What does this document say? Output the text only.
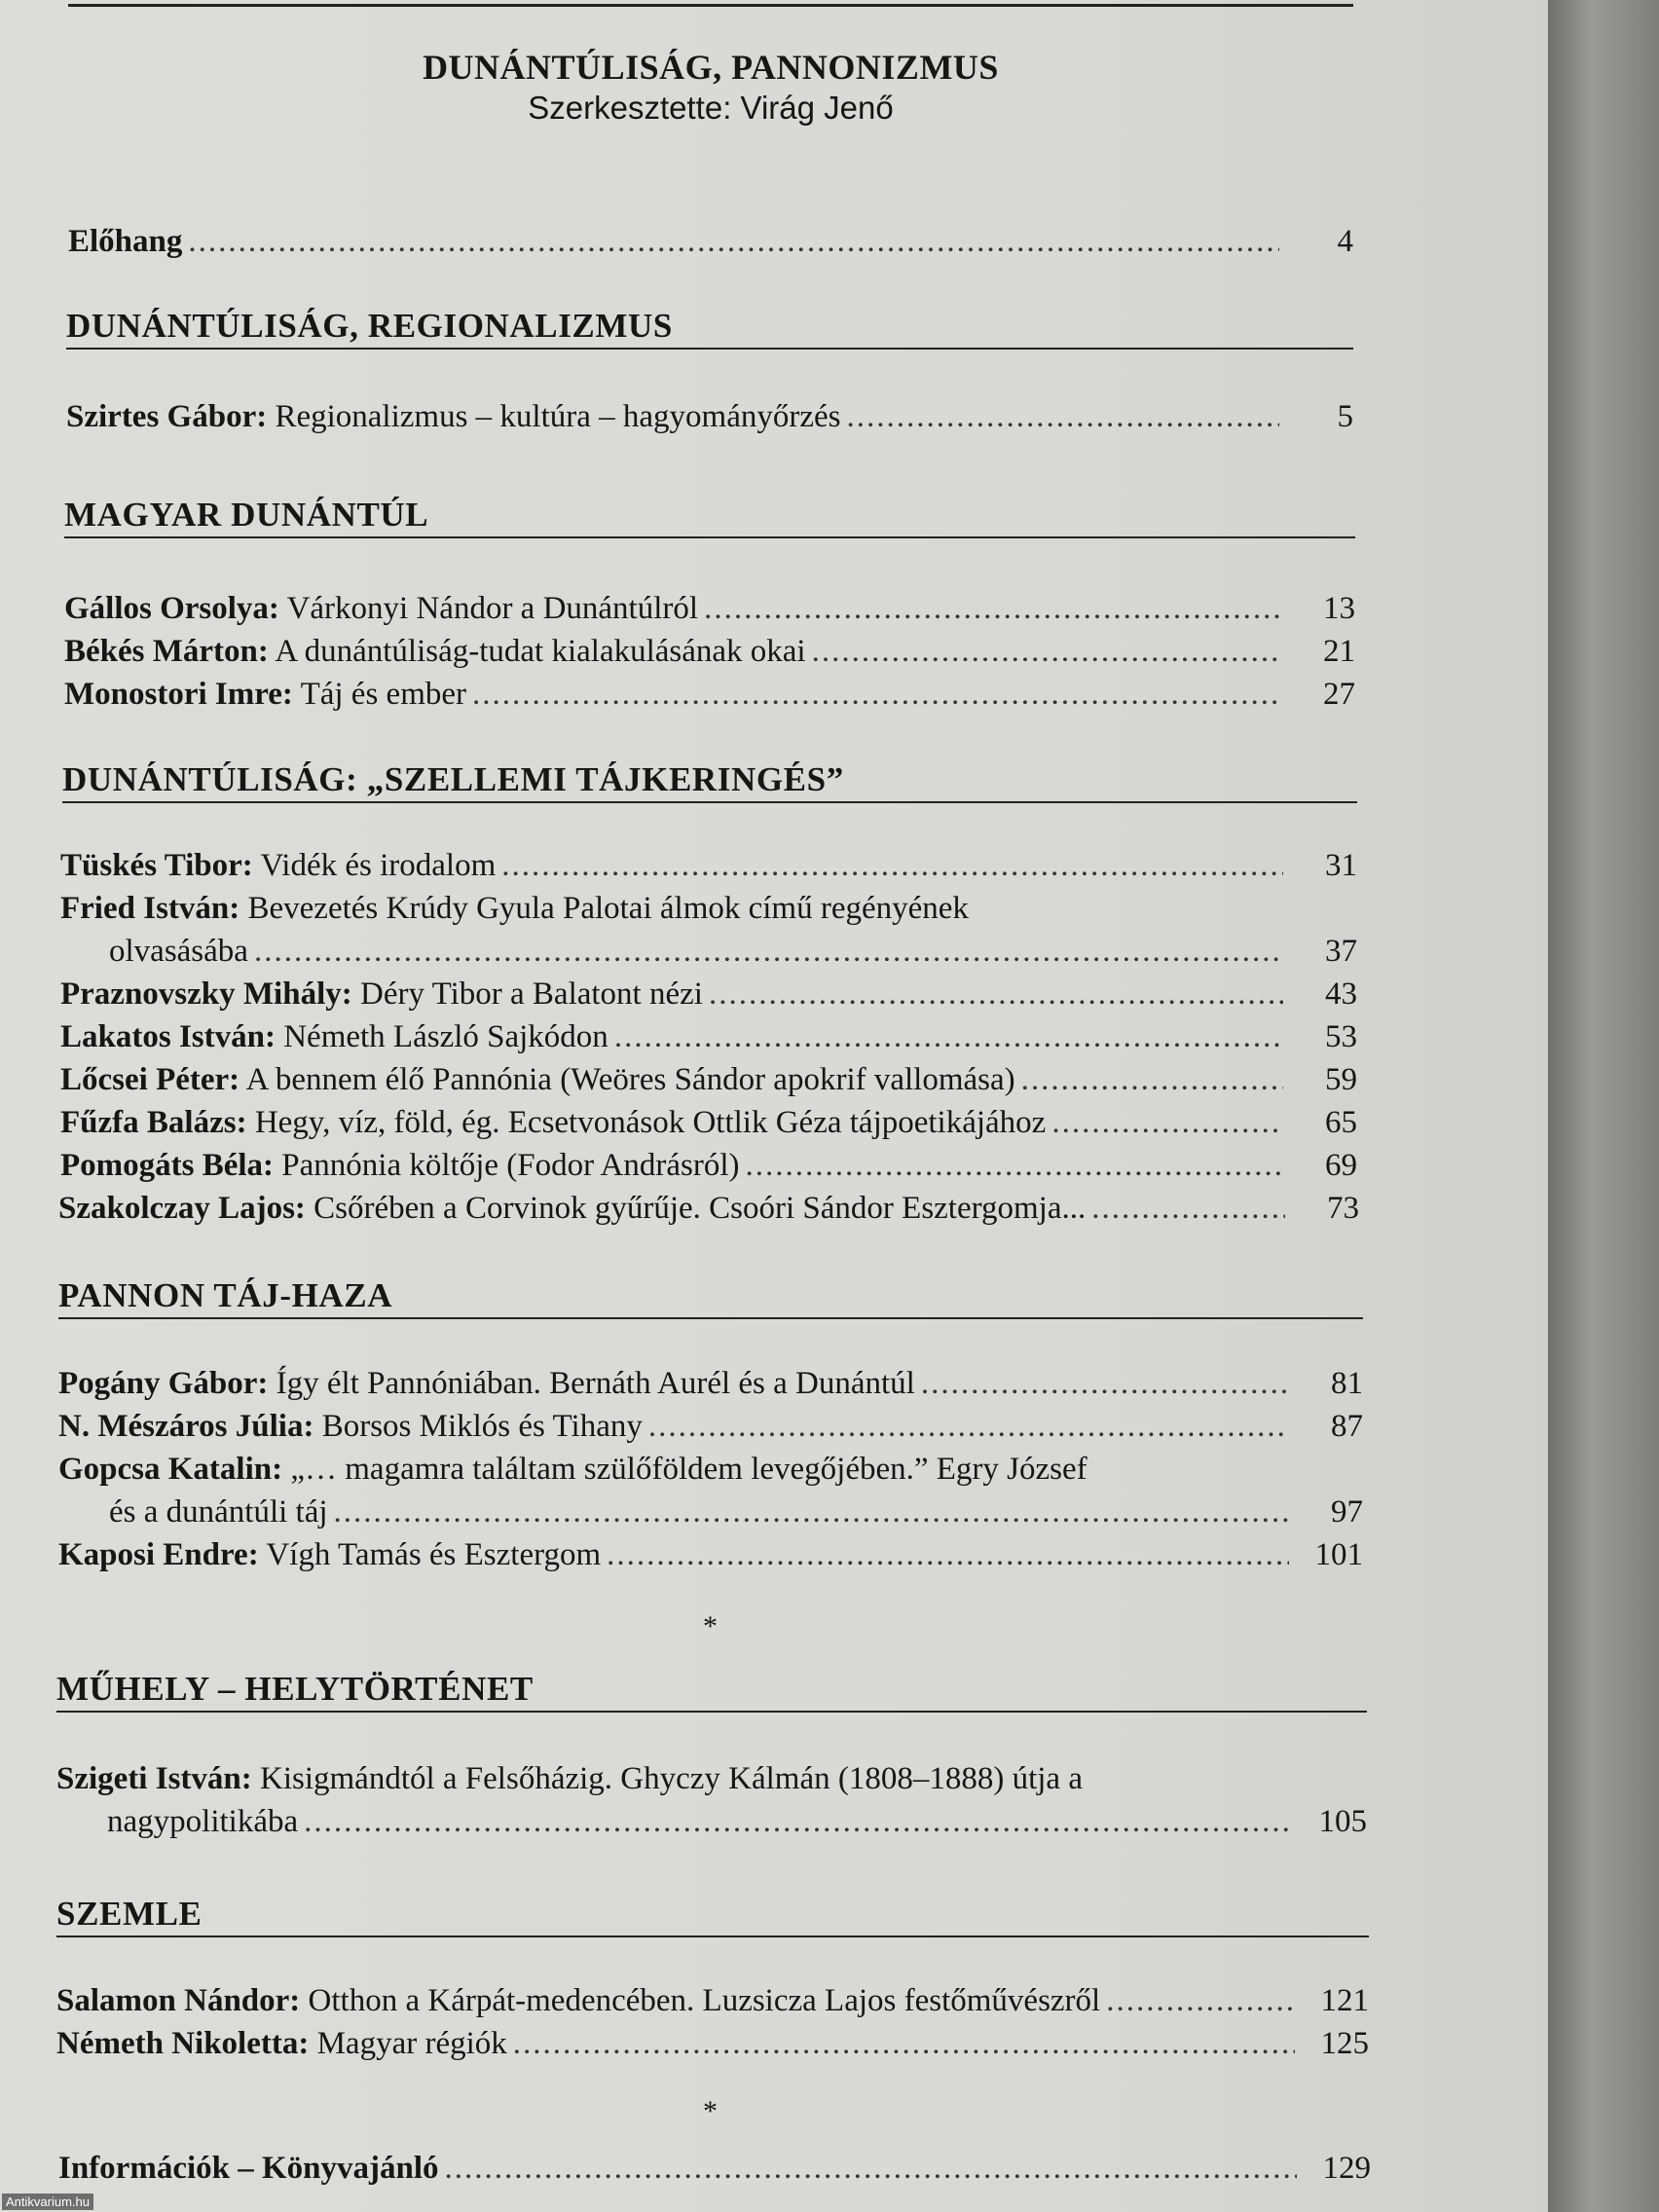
DUNÁNTÚLISÁG, PANNONIZMUS
Szerkesztette: Virág Jenő
Előhang .....	4
DUNÁNTÚLISÁG, REGIONALIZMUS
Szirtes Gábor: Regionalizmus – kultúra – hagyományőrzés .....	5
MAGYAR DUNÁNTÚL
Gállos Orsolya: Várkonyi Nándor a Dunántúlról .....	13
Békés Márton: A dunántúliság-tudat kialakulásának okai .....	21
Monostori Imre: Táj és ember .....	27
DUNÁNTÚLISÁG: „SZELLEMI TÁJKERINGÉS”
Tüskés Tibor: Vidék és irodalom .....	31
Fried István: Bevezetés Krúdy Gyula Palotai álmok című regényének
olvasásába .....	37
Praznovszky Mihály: Déry Tibor a Balatont nézi .....	43
Lakatos István: Németh László Sajkódon .....	53
Lőcsei Péter: A bennem élő Pannónia (Weöres Sándor apokrif vallomása) .....	59
Fűzfa Balázs: Hegy, víz, föld, ég. Ecsetvonások Ottlik Géza tájpoetikájához .....	65
Pomogáts Béla: Pannónia költője (Fodor Andrásról) .....	69
Szakolczay Lajos: Csőrében a Corvinok gyűrűje. Csoóri Sándor Esztergomja... .....	73
PANNON TÁJ-HAZA
Pogány Gábor: Így élt Pannóniában. Bernáth Aurél és a Dunántúl .....	81
N. Mészáros Júlia: Borsos Miklós és Tihany .....	87
Gopcsa Katalin: „… magamra találtam szülőföldem levegőjében.” Egry József
és a dunántúli táj .....	97
Kaposi Endre: Vígh Tamás és Esztergom .....	101
*
MŰHELY – HELYTÖRTÉNET
Szigeti István: Kisigmándtól a Felsőházig. Ghyczy Kálmán (1808–1888) útja a
nagypolitikába .....	105
SZEMLE
Salamon Nándor: Otthon a Kárpát-medencében. Luzsicza Lajos festőművészről .....	121
Németh Nikoletta: Magyar régiók .....	125
*
Információk – Könyvajánló .....	129
Antikvarium.hu
